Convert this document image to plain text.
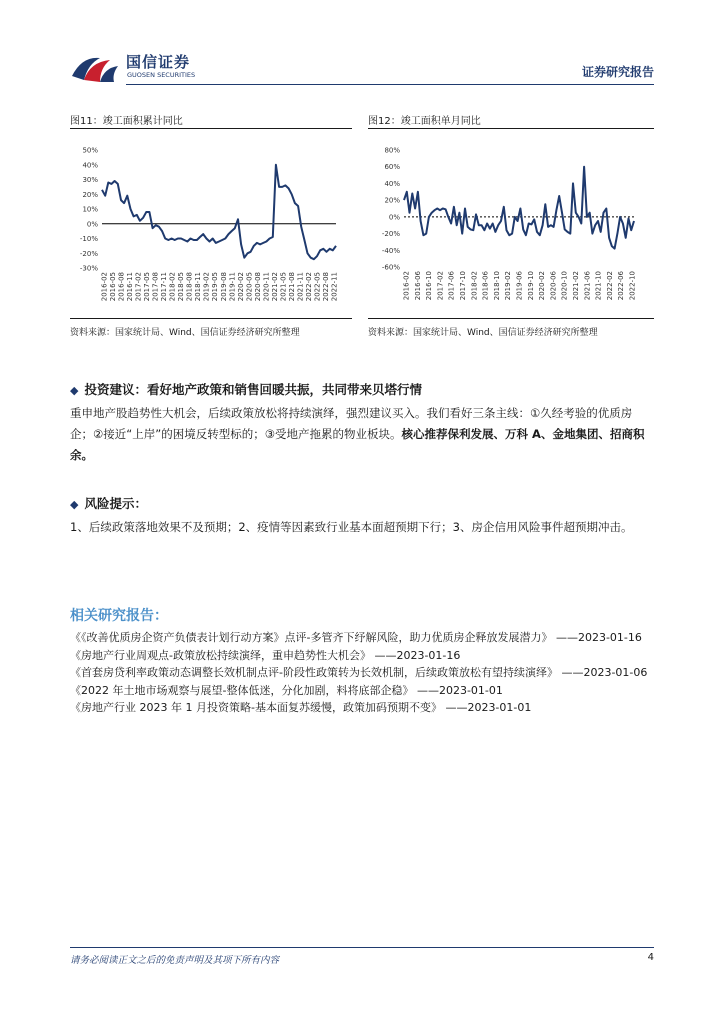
国信证券
GUOSEN SECURITIES	证券研究报告
图11：竣工面积累计同比
50%
40%
30%
20%
10%
0%
-10%
-20%
-30%
2016-02 2016-05 2016-08 2016-11 2017-02 2017-05 2017-08 2017-11 2018-02 2018-05 2018-08 2018-11 2019-02 2019-05 2019-08 2019-11 2020-02 2020-05 2020-08 2020-11 2021-02 2021-05 2021-08 2021-11 2022-02 2022-05 2022-08 2022-11
资料来源：国家统计局、Wind、国信证券经济研究所整理
图12：竣工面积单月同比
80%
60%
40%
20%
0%
-20%
-40%
-60%
2016-02 2016-06 2016-10 2017-02 2017-06 2017-10 2018-02 2018-06 2018-10 2019-02 2019-06 2019-10 2020-02 2020-06 2020-10 2021-02 2021-06 2021-10 2022-02 2022-06 2022-10
资料来源：国家统计局、Wind、国信证券经济研究所整理
◆ 投资建议：看好地产政策和销售回暖共振，共同带来贝塔行情
重申地产股趋势性大机会，后续政策放松将持续演绎，强烈建议买入。我们看好三条主线：①久经考验的优质房企；②接近“上岸”的困境反转型标的；③受地产拖累的物业板块。核心推荐保利发展、万科 A、金地集团、招商积余。
◆ 风险提示：
1、后续政策落地效果不及预期；2、疫情等因素致行业基本面超预期下行；3、房企信用风险事件超预期冲击。
相关研究报告：
《《改善优质房企资产负债表计划行动方案》点评-多管齐下纾解风险，助力优质房企释放发展潜力》 ——2023-01-16
《房地产行业周观点-政策放松持续演绎，重申趋势性大机会》 ——2023-01-16
《首套房贷利率政策动态调整长效机制点评-阶段性政策转为长效机制，后续政策放松有望持续演绎》 ——2023-01-06
《2022 年土地市场观察与展望-整体低迷，分化加剧，料将底部企稳》 ——2023-01-01
《房地产行业 2023 年 1 月投资策略-基本面复苏缓慢，政策加码预期不变》 ——2023-01-01
请务必阅读正文之后的免责声明及其项下所有内容	4
